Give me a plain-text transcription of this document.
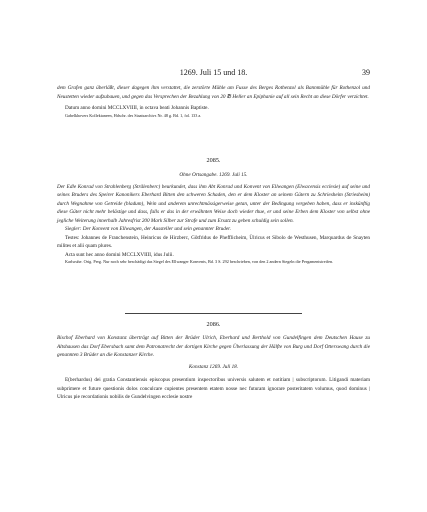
1269. Juli 15 und 18.	39

dem Grafen ganz überläßt, dieser dagegen ihm verstattet, die zerstörte Mühle am Fusse des Berges Rothenzol als Bannmühle für Rothenzol und Neustetten wieder aufzubauen, und gegen das Versprechen der Bezahlung von 20 ℔ Heller an Epiphanie auf all sein Recht an diese Dörfer verzichtet.

Datum anno domini MCCLXVIIII, in octava beati Johannis Baptiste.

Gabelkhovers Kollektaneen, Hdschr. des Staatsarchivs Nr. 48 g. Bd. 1, fol. 133 a.

2085.

Ohne Ortsangabe. 1269. Juli 15.

Der Edle Konrad von Strahlenberg (Strålenberc) beurkundet, dass ihm Abt Konrad und Konvent von Ellwangen (Elwacensis ecclesie) auf seine und seines Bruders des Speirer Kanonikers Eberhard Bitten den schweren Schaden, den er dem Kloster an seinem Gütern zu Schriesheim (Striesheim) durch Wegnahme von Getreide (bladum), Wein und anderem unrechtmässigerweise getan, unter der Bedingung vergeben haben, dass er inskünftig diese Güter nicht mehr belästige und dass, falls er das in der erwähnten Weise doch wieder thue, er und seine Erben dem Kloster von selbst ohne jegliche Weiterung innerhalb Jahresfrist 200 Mark Silber zur Strafe und zum Ersatz zu geben schuldig sein sollen.

Siegler: Der Konvent von Ellwangen, der Aussteller und sein genannter Bruder.

Testes: Johannes de Franchenstein, Heinricus de Hirzberc, Gôtfridus de Phefflicheim, Ülricus et Sibolo de Westhusen, Marquardus de Snayten milites et alii quam plures.

Acta sunt hec anno domini MCCLXVIIII, idus Julii.

Karlsruhe. Orig. Perg. Nur noch sehr beschädigt das Siegel des Ellwanger Konvents, Bd. 3 S. 292 beschrieben, von den 2 andern Siegeln die Pergamentstreifen.

2086.

Bischof Eberhard von Konstanz überträgt auf Bitten der Brüder Ulrich, Eberhard und Berthold von Gundelfingen dem Deutschen Hause zu Altshausen das Dorf Ebersbach samt dem Patronatrecht der dortigen Kirche gegen Überlassung der Hälfte von Burg und Dorf Otterswang durch die genannten 3 Brüder an die Konstanzer Kirche.

Konstanz 1269. Juli 18.

E(berhardus) dei gratia Constantiensis episcopus presentium inspectoribus universis salutem et notitiam | subscriptorum. Litigandi materiam subprimere et future questionis dolos conculcare cupientes presentem etatem nosse nec futuram ignorare posteritatem volumus, quod dominus | Ulricus pie recordationis nobilis de Gundelvingen ecclesie nostre
